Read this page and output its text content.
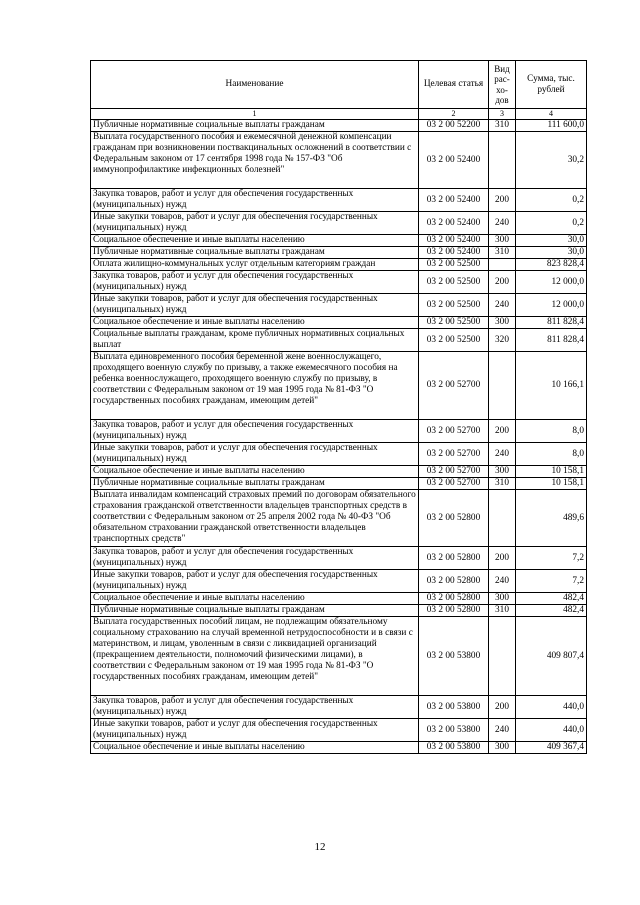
Наименование	Целевая статья	Вид рас- хо- дов	Сумма, тыс. рублей
1	2	3	4
Публичные нормативные социальные выплаты гражданам	03 2 00 52200	310	111 600,0
Выплата государственного пособия и ежемесячной денежной компенсации гражданам при возникновении поствакцинальных осложнений в соответствии с Федеральным законом от 17 сентября 1998 года № 157-ФЗ "Об иммунопрофилактике инфекционных болезней"	03 2 00 52400		30,2
Закупка товаров, работ и услуг для обеспечения государственных (муниципальных) нужд	03 2 00 52400	200	0,2
Иные закупки товаров, работ и услуг для обеспечения государственных (муниципальных) нужд	03 2 00 52400	240	0,2
Социальное обеспечение и иные выплаты населению	03 2 00 52400	300	30,0
Публичные нормативные социальные выплаты гражданам	03 2 00 52400	310	30,0
Оплата жилищно-коммунальных услуг отдельным категориям граждан	03 2 00 52500		823 828,4
Закупка товаров, работ и услуг для обеспечения государственных (муниципальных) нужд	03 2 00 52500	200	12 000,0
Иные закупки товаров, работ и услуг для обеспечения государственных (муниципальных) нужд	03 2 00 52500	240	12 000,0
Социальное обеспечение и иные выплаты населению	03 2 00 52500	300	811 828,4
Социальные выплаты гражданам, кроме публичных нормативных социальных выплат	03 2 00 52500	320	811 828,4
Выплата единовременного пособия беременной жене военнослужащего, проходящего военную службу по призыву, а также ежемесячного пособия на ребенка военнослужащего, проходящего военную службу по призыву, в соответствии с Федеральным законом от 19 мая 1995 года № 81-ФЗ "О государственных пособиях гражданам, имеющим детей"	03 2 00 52700		10 166,1
Закупка товаров, работ и услуг для обеспечения государственных (муниципальных) нужд	03 2 00 52700	200	8,0
Иные закупки товаров, работ и услуг для обеспечения государственных (муниципальных) нужд	03 2 00 52700	240	8,0
Социальное обеспечение и иные выплаты населению	03 2 00 52700	300	10 158,1
Публичные нормативные социальные выплаты гражданам	03 2 00 52700	310	10 158,1
Выплата инвалидам компенсаций страховых премий по договорам обязательного страхования гражданской ответственности владельцев транспортных средств в соответствии с Федеральным законом от 25 апреля 2002 года № 40-ФЗ "Об обязательном страховании гражданской ответственности владельцев транспортных средств"	03 2 00 52800		489,6
Закупка товаров, работ и услуг для обеспечения государственных (муниципальных) нужд	03 2 00 52800	200	7,2
Иные закупки товаров, работ и услуг для обеспечения государственных (муниципальных) нужд	03 2 00 52800	240	7,2
Социальное обеспечение и иные выплаты населению	03 2 00 52800	300	482,4
Публичные нормативные социальные выплаты гражданам	03 2 00 52800	310	482,4
Выплата государственных пособий лицам, не подлежащим обязательному социальному страхованию на случай временной нетрудоспособности и в связи с материнством, и лицам, уволенным в связи с ликвидацией организаций (прекращением деятельности, полномочий физическими лицами), в соответствии с Федеральным законом от 19 мая 1995 года № 81-ФЗ "О государственных пособиях гражданам, имеющим детей"	03 2 00 53800		409 807,4
Закупка товаров, работ и услуг для обеспечения государственных (муниципальных) нужд	03 2 00 53800	200	440,0
Иные закупки товаров, работ и услуг для обеспечения государственных (муниципальных) нужд	03 2 00 53800	240	440,0
Социальное обеспечение и иные выплаты населению	03 2 00 53800	300	409 367,4
12
